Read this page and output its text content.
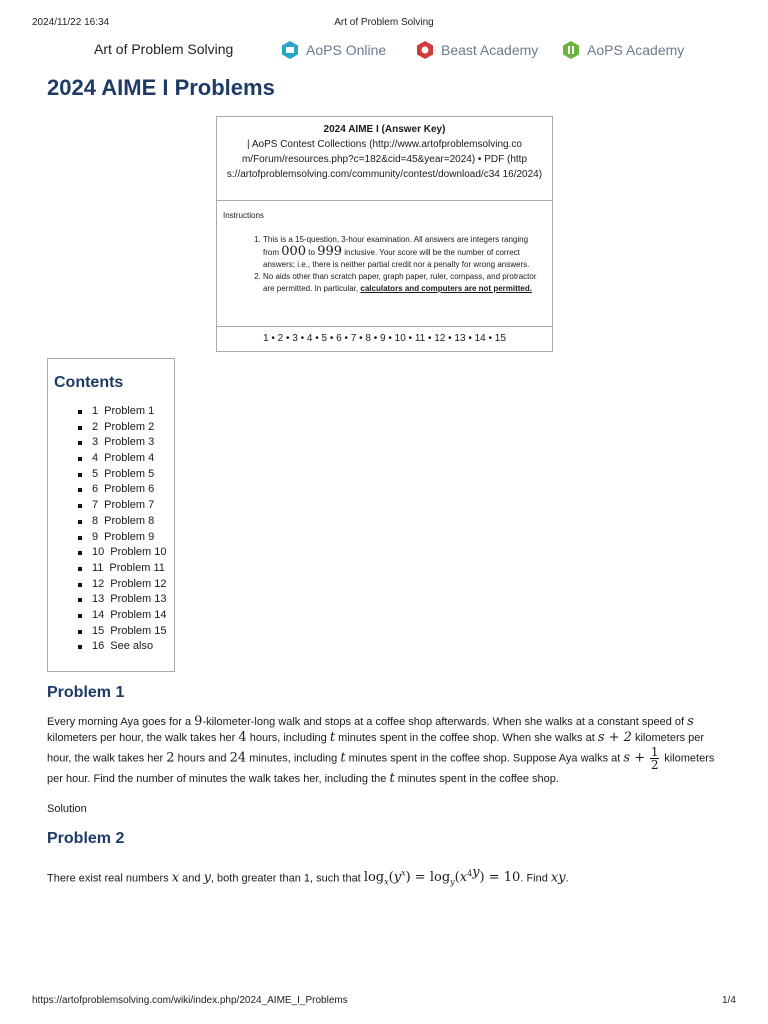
2024/11/22 16:34	Art of Problem Solving
Art of Problem Solving	AoPS Online	Beast Academy	AoPS Academy
2024 AIME I Problems
2024 AIME I (Answer Key)
| AoPS Contest Collections (http://www.artofproblemsolving.co m/Forum/resources.php?c=182&cid=45&year=2024) • PDF (http s://artofproblemsolving.com/community/contest/download/c34 16/2024)
Instructions
1. This is a 15-question, 3-hour examination. All answers are integers ranging from 000 to 999 inclusive. Your score will be the number of correct answers; i.e., there is neither partial credit nor a penalty for wrong answers.
2. No aids other than scratch paper, graph paper, ruler, compass, and protractor are permitted. In particular, calculators and computers are not permitted.
1 • 2 • 3 • 4 • 5 • 6 • 7 • 8 • 9 • 10 • 11 • 12 • 13 • 14 • 15
Contents
1 Problem 1
2 Problem 2
3 Problem 3
4 Problem 4
5 Problem 5
6 Problem 6
7 Problem 7
8 Problem 8
9 Problem 9
10 Problem 10
11 Problem 11
12 Problem 12
13 Problem 13
14 Problem 14
15 Problem 15
16 See also
Problem 1
Every morning Aya goes for a 9-kilometer-long walk and stops at a coffee shop afterwards. When she walks at a constant speed of s kilometers per hour, the walk takes her 4 hours, including t minutes spent in the coffee shop. When she walks at s + 2 kilometers per hour, the walk takes her 2 hours and 24 minutes, including t minutes spent in the coffee shop. Suppose Aya walks at $s + \frac{1}{2}$ kilometers per hour. Find the number of minutes the walk takes her, including the t minutes spent in the coffee shop.
Solution
Problem 2
There exist real numbers x and y, both greater than 1, such that $\log_x(y^x) = \log_y(x^{4y}) = 10$. Find xy.
https://artofproblemsolving.com/wiki/index.php/2024_AIME_I_Problems	1/4
